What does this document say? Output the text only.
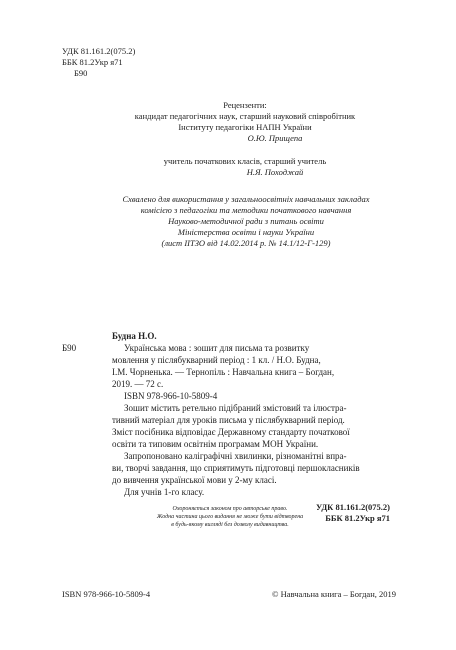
УДК 81.161.2(075.2)
ББК 81.2Укр я71
Б90
Рецензенти:
кандидат педагогічних наук, старший науковий співробітник
Інституту педагогіки НАПН України
О.Ю. Прищепа
учитель початкових класів, старший учитель
Н.Я. Походжай
Схвалено для використання у загальноосвітніх навчальних закладах
комісією з педагогіки та методики початкового навчання
Науково-методичної ради з питань освіти
Міністерства освіти і науки України
(лист ІІТЗО від 14.02.2014 р. № 14.1/12-Г-129)
Будна Н.О.
Б90	Українська мова : зошит для письма та розвитку
мовлення у післябукварний період : 1 кл. / Н.О. Будна,
І.М. Чорненька. — Тернопіль : Навчальна книга – Богдан,
2019. — 72 с.
ISBN 978-966-10-5809-4
Зошит містить ретельно підібраний змістовий та ілюстра-
тивний матеріал для уроків письма у післябукварний період.
Зміст посібника відповідає Державному стандарту початкової
освіти та типовим освітнім програмам МОН України.
Запропоновано каліграфічні хвилинки, різноманітні впра-
ви, творчі завдання, що сприятимуть підготовці першокласників
до вивчення української мови у 2-му класі.
Для учнів 1-го класу.
УДК 81.161.2(075.2)
ББК 81.2Укр я71
Охороняється законом про авторське право.
Жодна частина цього видання не може бути відтворена
в будь-якому вигляді без дозволу видавництва.
ISBN 978-966-10-5809-4	© Навчальна книга – Богдан, 2019
